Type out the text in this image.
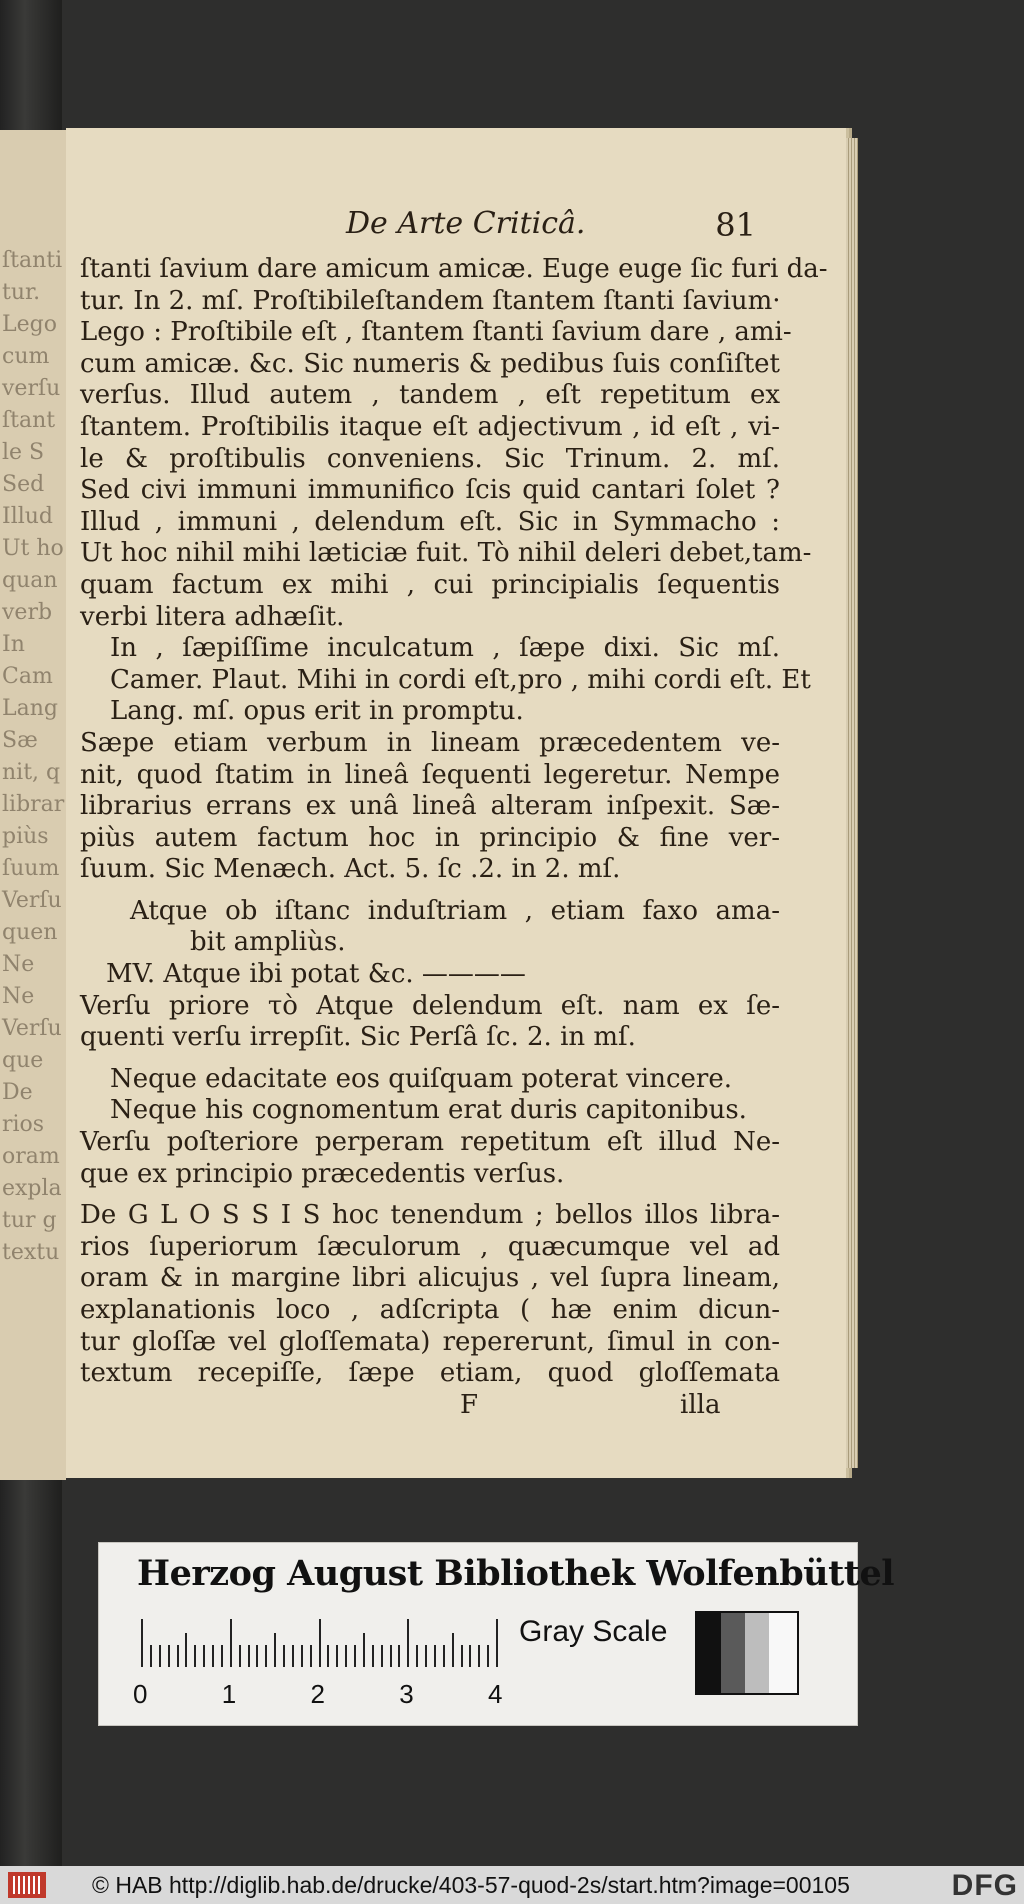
ſtanti
tur.
Lego
cum
verſu
ſtant
le S
Sed
Illud
Ut ho
quan
verb
In
Cam
Lang
Sæ
nit, q
librar
piùs
ſuum
Verſu
quen
Ne
Ne
Verſu
que
De
rios
oram
expla
tur g
textu
De Arte Criticâ.	81
ſtanti ſavium dare amicum amicæ. Euge euge ſic furi da-
tur. In 2. mſ. Proſtibileſtandem ſtantem ſtanti ſavium·
Lego : Proſtibile eſt , ſtantem ſtanti ſavium dare , ami-
cum amicæ. &c. Sic numeris & pedibus ſuis conſiſtet
verſus. Illud autem , tandem , eſt repetitum ex
ſtantem. Proſtibilis itaque eſt adjectivum , id eſt , vi-
le & proſtibulis conveniens. Sic Trinum. 2. mſ.
Sed civi immuni immunifico ſcis quid cantari ſolet ?
Illud , immuni , delendum eſt. Sic in Symmacho :
Ut hoc nihil mihi læticiæ fuit. Tò nihil deleri debet,tam-
quam factum ex mihi , cui principialis ſequentis
verbi litera adhæſit.
In , ſæpiſſime inculcatum , ſæpe dixi. Sic mſ.
Camer. Plaut. Mihi in cordi eſt,pro , mihi cordi eſt. Et
Lang. mſ. opus erit in promptu.
Sæpe etiam verbum in lineam præcedentem ve-
nit, quod ſtatim in lineâ ſequenti legeretur. Nempe
librarius errans ex unâ lineâ alteram inſpexit. Sæ-
piùs autem factum hoc in principio & fine ver-
ſuum. Sic Menæch. Act. 5. ſc .2. in 2. mſ.
Atque ob iſtanc induſtriam , etiam faxo ama-
bit ampliùs.
MV. Atque ibi potat &c. ————
Verſu priore τὸ Atque delendum eſt. nam ex ſe-
quenti verſu irrepſit. Sic Perſâ ſc. 2. in mſ.
Neque edacitate eos quiſquam poterat vincere.
Neque his cognomentum erat duris capitonibus.
Verſu poſteriore perperam repetitum eſt illud Ne-
que ex principio præcedentis verſus.
De G L O S S I S hoc tenendum ; bellos illos libra-
rios ſuperiorum ſæculorum , quæcumque vel ad
oram & in margine libri alicujus , vel ſupra lineam,
explanationis loco , adſcripta ( hæ enim dicun-
tur gloſſæ vel gloſſemata) repererunt, ſimul in con-
textum recepiſſe, ſæpe etiam, quod gloſſemata
F	illa
Herzog August Bibliothek Wolfenbüttel
Gray Scale
0	1	2	3	4
© HAB http://diglib.hab.de/drucke/403-57-quod-2s/start.htm?image=00105	DFG
